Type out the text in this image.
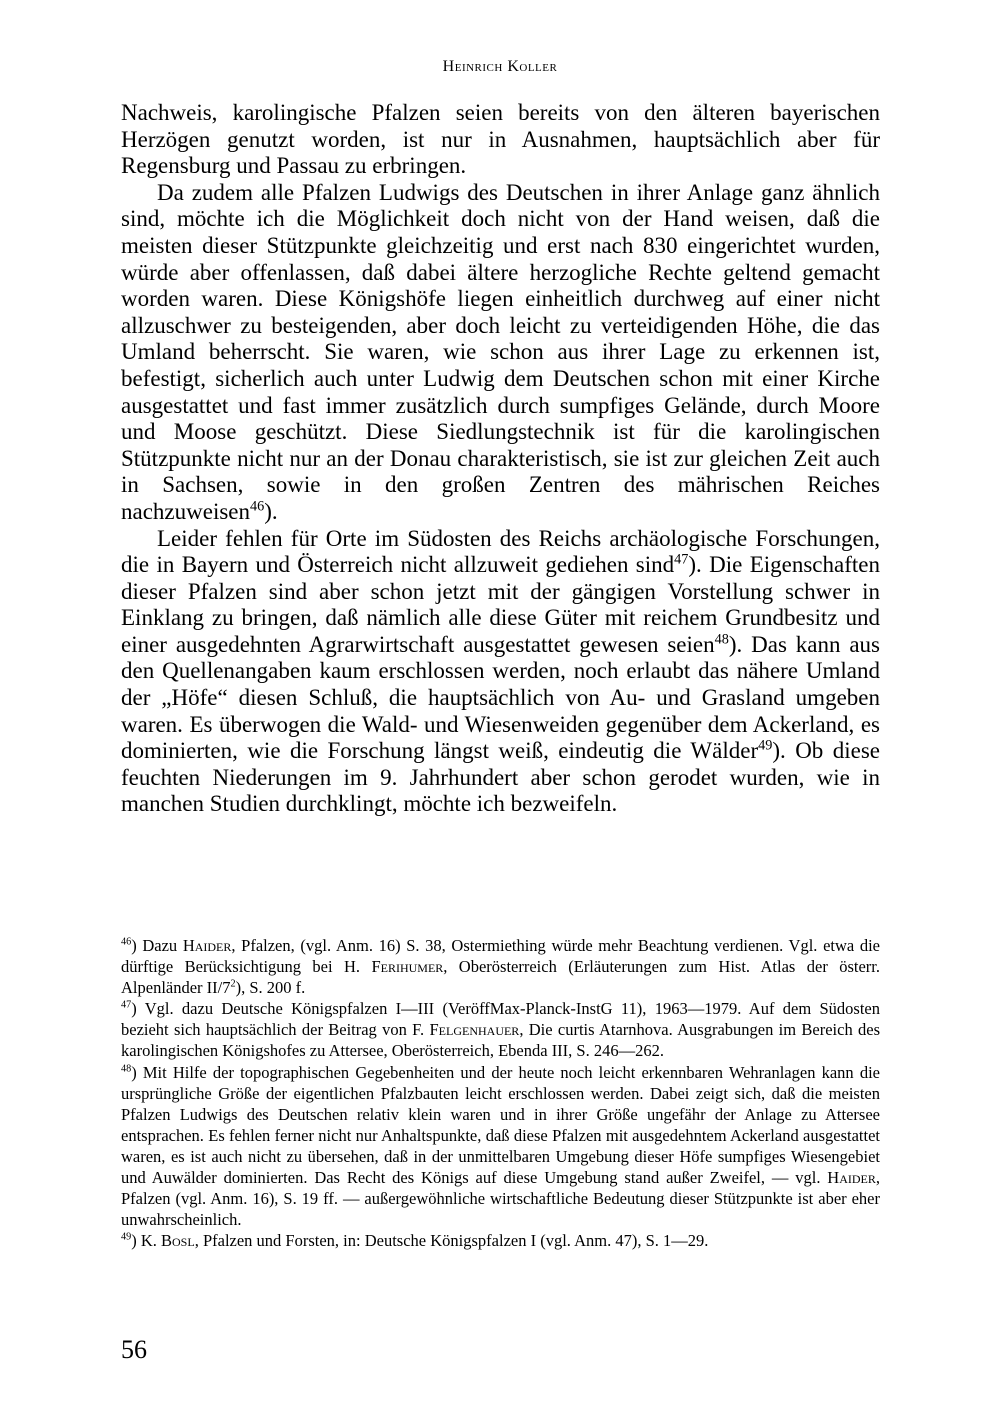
Heinrich Koller

Nachweis, karolingische Pfalzen seien bereits von den älteren bayerischen Herzögen genutzt worden, ist nur in Ausnahmen, hauptsächlich aber für Regensburg und Passau zu erbringen.

Da zudem alle Pfalzen Ludwigs des Deutschen in ihrer Anlage ganz ähnlich sind, möchte ich die Möglichkeit doch nicht von der Hand weisen, daß die meisten dieser Stützpunkte gleichzeitig und erst nach 830 eingerichtet wurden, würde aber offenlassen, daß dabei ältere herzogliche Rechte geltend gemacht worden waren. Diese Königshöfe liegen einheitlich durchweg auf einer nicht allzuschwer zu besteigenden, aber doch leicht zu verteidigenden Höhe, die das Umland beherrscht. Sie waren, wie schon aus ihrer Lage zu erkennen ist, befestigt, sicherlich auch unter Ludwig dem Deutschen schon mit einer Kirche ausgestattet und fast immer zusätzlich durch sumpfiges Gelände, durch Moore und Moose geschützt. Diese Siedlungstechnik ist für die karolingischen Stützpunkte nicht nur an der Donau charakteristisch, sie ist zur gleichen Zeit auch in Sachsen, sowie in den großen Zentren des mährischen Reiches nachzuweisen$^{46}$).

Leider fehlen für Orte im Südosten des Reichs archäologische Forschungen, die in Bayern und Österreich nicht allzuweit gediehen sind$^{47}$). Die Eigenschaften dieser Pfalzen sind aber schon jetzt mit der gängigen Vorstellung schwer in Einklang zu bringen, daß nämlich alle diese Güter mit reichem Grundbesitz und einer ausgedehnten Agrarwirtschaft ausgestattet gewesen seien$^{48}$). Das kann aus den Quellenangaben kaum erschlossen werden, noch erlaubt das nähere Umland der „Höfe“ diesen Schluß, die hauptsächlich von Au- und Grasland umgeben waren. Es überwogen die Wald- und Wiesenweiden gegenüber dem Ackerland, es dominierten, wie die Forschung längst weiß, eindeutig die Wälder$^{49}$). Ob diese feuchten Niederungen im 9. Jahrhundert aber schon gerodet wurden, wie in manchen Studien durchklingt, möchte ich bezweifeln.

$^{46}$) Dazu Haider, Pfalzen, (vgl. Anm. 16) S. 38, Ostermiething würde mehr Beachtung verdienen. Vgl. etwa die dürftige Berücksichtigung bei H. Ferihumer, Oberösterreich (Erläuterungen zum Hist. Atlas der österr. Alpenländer $II/7^2$), S. 200 f.

$^{47}$) Vgl. dazu Deutsche Königspfalzen I—III (VeröffMax-Planck-InstG 11), 1963—1979. Auf dem Südosten bezieht sich hauptsächlich der Beitrag von F. Felgenhauer, Die curtis Atarnhova. Ausgrabungen im Bereich des karolingischen Königshofes zu Attersee, Oberösterreich, Ebenda III, S. 246—262.

$^{48}$) Mit Hilfe der topographischen Gegebenheiten und der heute noch leicht erkennbaren Wehranlagen kann die ursprüngliche Größe der eigentlichen Pfalzbauten leicht erschlossen werden. Dabei zeigt sich, daß die meisten Pfalzen Ludwigs des Deutschen relativ klein waren und in ihrer Größe ungefähr der Anlage zu Attersee entsprachen. Es fehlen ferner nicht nur Anhaltspunkte, daß diese Pfalzen mit ausgedehntem Ackerland ausgestattet waren, es ist auch nicht zu übersehen, daß in der unmittelbaren Umgebung dieser Höfe sumpfiges Wiesengebiet und Auwälder dominierten. Das Recht des Königs auf diese Umgebung stand außer Zweifel, — vgl. Haider, Pfalzen (vgl. Anm. 16), S. 19 ff. — außergewöhnliche wirtschaftliche Bedeutung dieser Stützpunkte ist aber eher unwahrscheinlich.

$^{49}$) K. Bosl, Pfalzen und Forsten, in: Deutsche Königspfalzen I (vgl. Anm. 47), S. 1—29.

56
